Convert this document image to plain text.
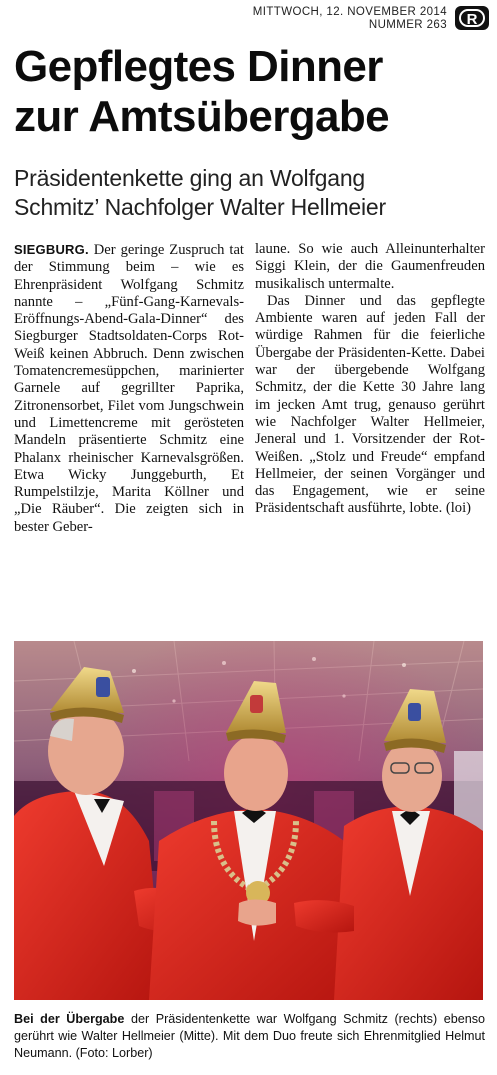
MITTWOCH, 12. NOVEMBER 2014
NUMMER 263	R
Gepflegtes Dinner
zur Amtsübergabe
Präsidentenkette ging an Wolfgang
Schmitz’ Nachfolger Walter Hellmeier

SIEGBURG. Der geringe Zuspruch tat der Stimmung beim – wie es Ehrenpräsident Wolfgang Schmitz nannte – „Fünf-Gang-Karnevals-Eröffnungs-Abend-Gala-Dinner“ des Siegburger Stadtsoldaten-Corps Rot-Weiß keinen Abbruch. Denn zwischen Tomatencremesüppchen, marinierter Garnele auf gegrillter Paprika, Zitronensorbet, Filet vom Jungschwein und Limettencreme mit gerösteten Mandeln präsentierte Schmitz eine Phalanx rheinischer Karnevalsgrößen. Etwa Wicky Junggeburth, Et Rumpelstilzje, Marita Köllner und „Die Räuber“. Die zeigten sich in bester Geber-

laune. So wie auch Alleinunterhalter Siggi Klein, der die Gaumenfreuden musikalisch untermalte.

Das Dinner und das gepflegte Ambiente waren auf jeden Fall der würdige Rahmen für die feierliche Übergabe der Präsidenten-Kette. Dabei war der übergebende Wolfgang Schmitz, der die Kette 30 Jahre lang im jecken Amt trug, genauso gerührt wie Nachfolger Walter Hellmeier, Jeneral und 1. Vorsitzender der Rot-Weißen. „Stolz und Freude“ empfand Hellmeier, der seinen Vorgänger und das Engagement, wie er seine Präsidentschaft ausführte, lobte. (loi)

Bei der Übergabe der Präsidentenkette war Wolfgang Schmitz (rechts) ebenso gerührt wie Walter Hellmeier (Mitte). Mit dem Duo freute sich Ehrenmitglied Helmut Neumann. (Foto: Lorber)
